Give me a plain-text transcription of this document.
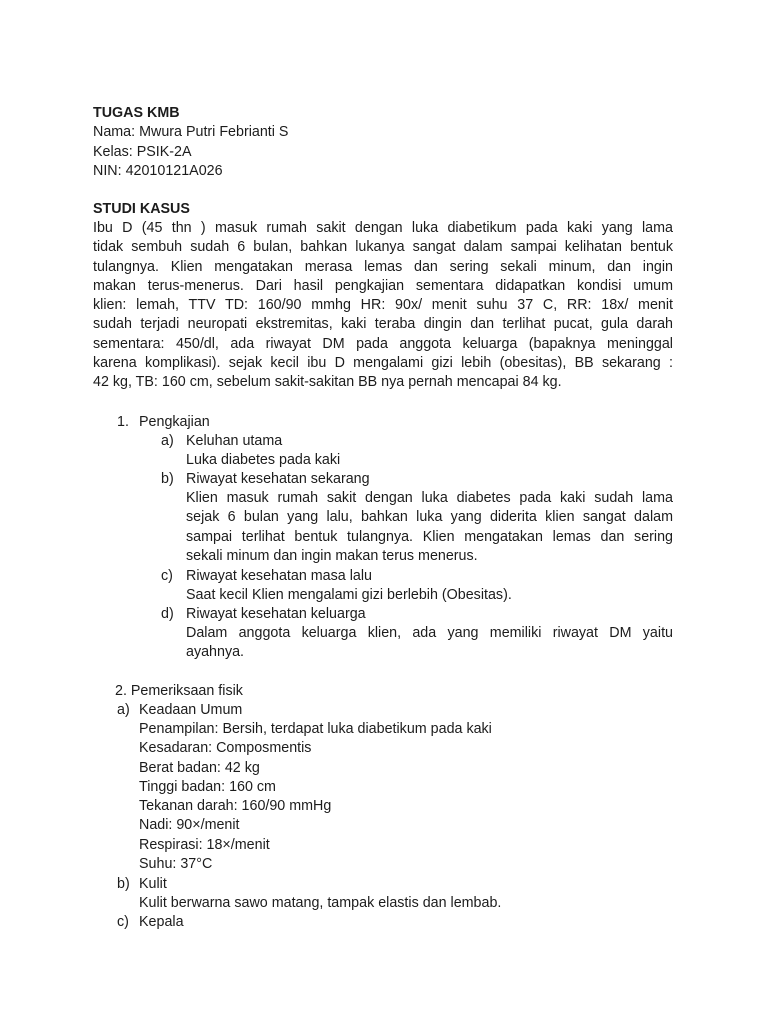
TUGAS KMB
Nama: Mwura Putri Febrianti S
Kelas: PSIK-2A
NIN: 42010121A026
STUDI KASUS
Ibu D (45 thn ) masuk rumah sakit dengan luka diabetikum pada kaki yang lama
tidak sembuh sudah 6 bulan, bahkan lukanya sangat dalam sampai kelihatan bentuk
tulangnya. Klien mengatakan merasa lemas dan sering sekali minum, dan ingin
makan terus-menerus. Dari hasil pengkajian sementara didapatkan kondisi umum
klien: lemah, TTV TD: 160/90 mmhg HR: 90x/ menit suhu 37 C, RR: 18x/ menit
sudah terjadi neuropati ekstremitas, kaki teraba dingin dan terlihat pucat, gula darah
sementara: 450/dl, ada riwayat DM pada anggota keluarga (bapaknya meninggal
karena komplikasi). sejak kecil ibu D mengalami gizi lebih (obesitas), BB sekarang :
42 kg, TB: 160 cm, sebelum sakit-sakitan BB nya pernah mencapai 84 kg.
1. Pengkajian
a) Keluhan utama
Luka diabetes pada kaki
b) Riwayat kesehatan sekarang
Klien masuk rumah sakit dengan luka diabetes pada kaki sudah lama
sejak 6 bulan yang lalu, bahkan luka yang diderita klien sangat dalam
sampai terlihat bentuk tulangnya. Klien mengatakan lemas dan sering
sekali minum dan ingin makan terus menerus.
c) Riwayat kesehatan masa lalu
Saat kecil Klien mengalami gizi berlebih (Obesitas).
d) Riwayat kesehatan keluarga
Dalam anggota keluarga klien, ada yang memiliki riwayat DM yaitu
ayahnya.
2. Pemeriksaan fisik
a) Keadaan Umum
Penampilan: Bersih, terdapat luka diabetikum pada kaki
Kesadaran: Composmentis
Berat badan: 42 kg
Tinggi badan: 160 cm
Tekanan darah: 160/90 mmHg
Nadi: 90×/menit
Respirasi: 18×/menit
Suhu: 37°C
b) Kulit
Kulit berwarna sawo matang, tampak elastis dan lembab.
c) Kepala
